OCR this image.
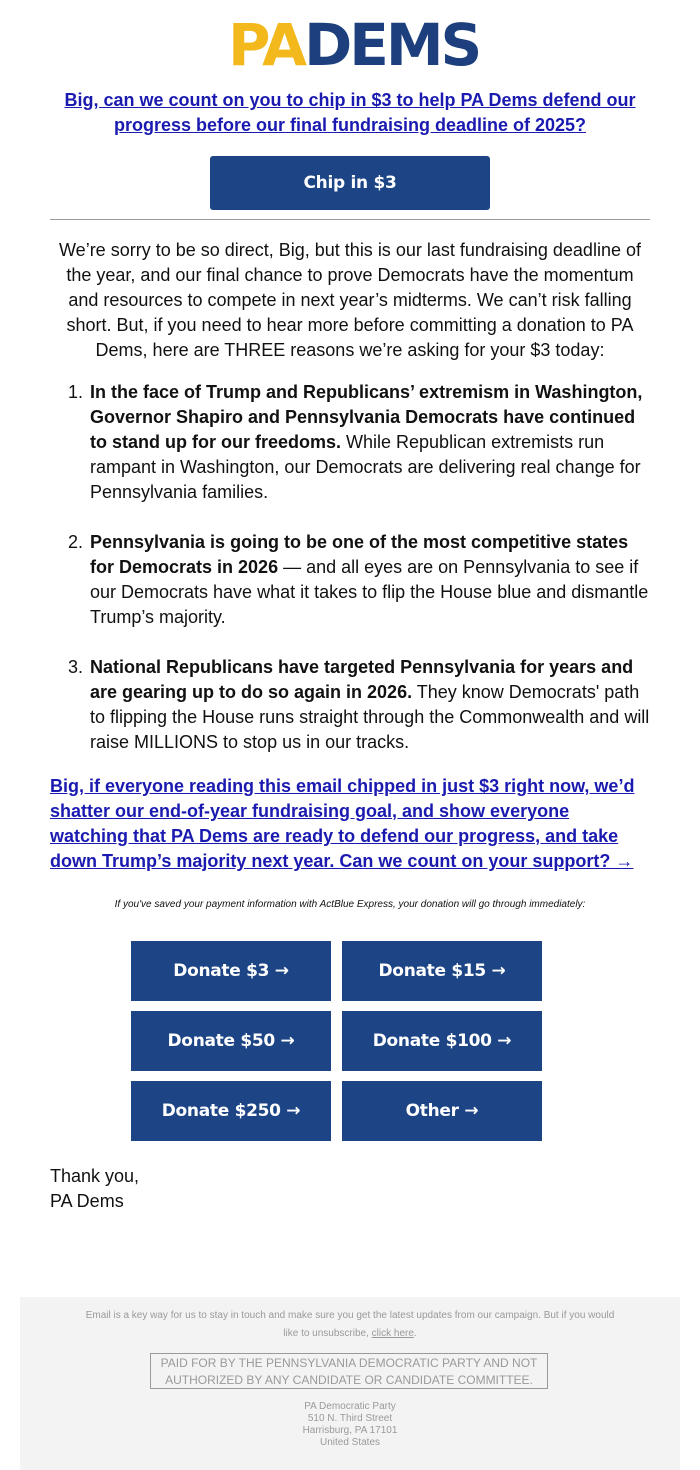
PA DEMS
Big, can we count on you to chip in $3 to help PA Dems defend our progress before our final fundraising deadline of 2025?
Chip in $3
We’re sorry to be so direct, Big, but this is our last fundraising deadline of the year, and our final chance to prove Democrats have the momentum and resources to compete in next year’s midterms. We can’t risk falling short. But, if you need to hear more before committing a donation to PA Dems, here are THREE reasons we’re asking for your $3 today:
1. In the face of Trump and Republicans’ extremism in Washington, Governor Shapiro and Pennsylvania Democrats have continued to stand up for our freedoms. While Republican extremists run rampant in Washington, our Democrats are delivering real change for Pennsylvania families.
2. Pennsylvania is going to be one of the most competitive states for Democrats in 2026 — and all eyes are on Pennsylvania to see if our Democrats have what it takes to flip the House blue and dismantle Trump’s majority.
3. National Republicans have targeted Pennsylvania for years and are gearing up to do so again in 2026. They know Democrats' path to flipping the House runs straight through the Commonwealth and will raise MILLIONS to stop us in our tracks.
Big, if everyone reading this email chipped in just $3 right now, we’d shatter our end-of-year fundraising goal, and show everyone watching that PA Dems are ready to defend our progress, and take down Trump’s majority next year. Can we count on your support? →
If you've saved your payment information with ActBlue Express, your donation will go through immediately:
Donate $3 →	Donate $15 →
Donate $50 →	Donate $100 →
Donate $250 →	Other →
Thank you,
PA Dems
Email is a key way for us to stay in touch and make sure you get the latest updates from our campaign. But if you would like to unsubscribe, click here.
PAID FOR BY THE PENNSYLVANIA DEMOCRATIC PARTY AND NOT AUTHORIZED BY ANY CANDIDATE OR CANDIDATE COMMITTEE.
PA Democratic Party
510 N. Third Street
Harrisburg, PA 17101
United States
